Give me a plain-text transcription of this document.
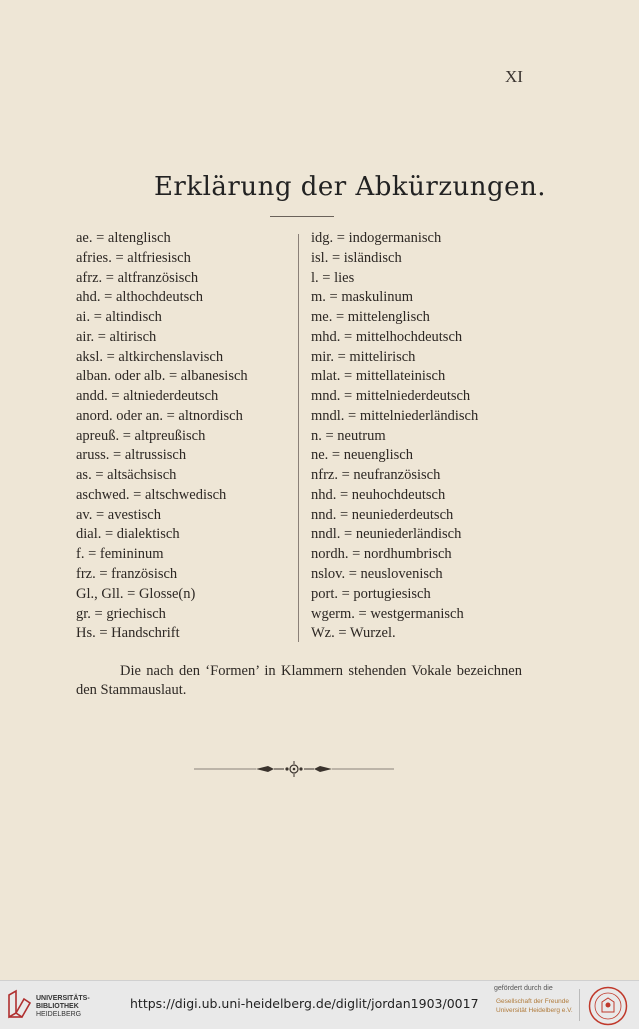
XI
Erklärung der Abkürzungen.
ae. = altenglisch
afries. = altfriesisch
afrz. = altfranzösisch
ahd. = althochdeutsch
ai. = altindisch
air. = altirisch
aksl. = altkirchenslavisch
alban. oder alb. = albanesisch
andd. = altniederdeutsch
anord. oder an. = altnordisch
apreuß. = altpreußisch
aruss. = altrussisch
as. = altsächsisch
aschwed. = altschwedisch
av. = avestisch
dial. = dialektisch
f. = femininum
frz. = französisch
Gl., Gll. = Glosse(n)
gr. = griechisch
Hs. = Handschrift
idg. = indogermanisch
isl. = isländisch
l. = lies
m. = maskulinum
me. = mittelenglisch
mhd. = mittelhochdeutsch
mir. = mittelirisch
mlat. = mittellateinisch
mnd. = mittelniederdeutsch
mndl. = mittelniederländisch
n. = neutrum
ne. = neuenglisch
nfrz. = neufranzösisch
nhd. = neuhochdeutsch
nnd. = neuniederdeutsch
nndl. = neuniederländisch
nordh. = nordhumbrisch
nslov. = neuslovenisch
port. = portugiesisch
wgerm. = westgermanisch
Wz. = Wurzel.
Die nach den ‘Formen’ in Klammern stehenden Vokale bezeichnen den Stammauslaut.
UNIVERSITÄTS-
BIBLIOTHEK
HEIDELBERG
https://digi.ub.uni-heidelberg.de/diglit/jordan1903/0017
gefördert durch die
Gesellschaft der Freunde
Universität Heidelberg e.V.
